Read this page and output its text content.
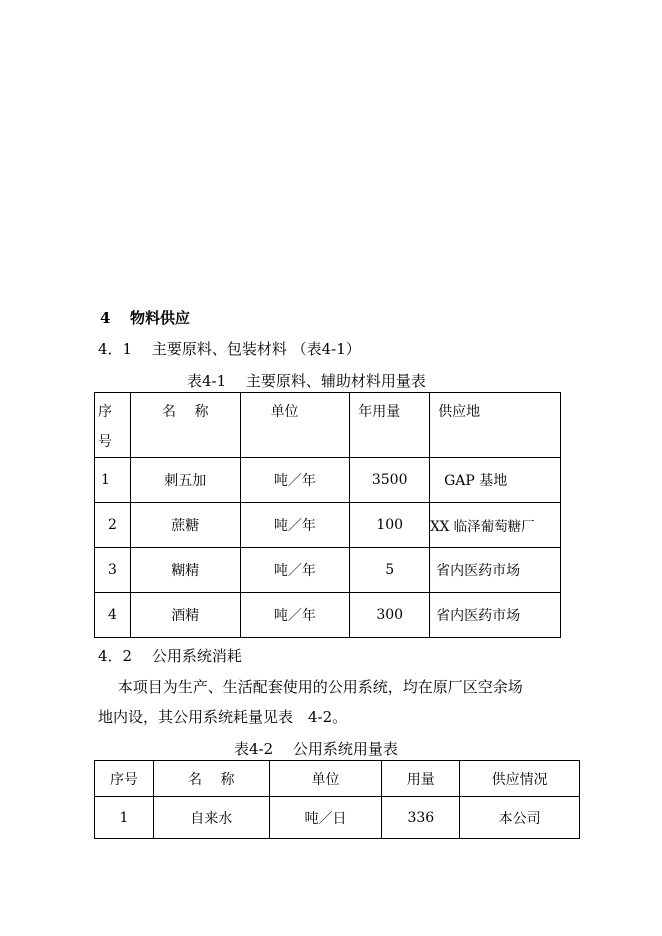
4 物料供应
4．1　 主要原料、包装材料 （表4-1）
表4-1　 主要原料、辅助材料用量表
序
号	名　 称	单位	年用量	供应地
1	刺五加	吨／年	3500	GAP 基地
2	蔗糖	吨／年	100	XX 临泽葡萄糖厂
3	糊精	吨／年	5	省内医药市场
4	酒精	吨／年	300	省内医药市场
4．2　 公用系统消耗
　 本项目为生产、生活配套使用的公用系统，均在原厂区空余场
地内设，其公用系统耗量见表　4-2。
表4-2　 公用系统用量表
序号	名　 称	单位	用量	供应情况
1	自来水	吨／日	336	本公司
